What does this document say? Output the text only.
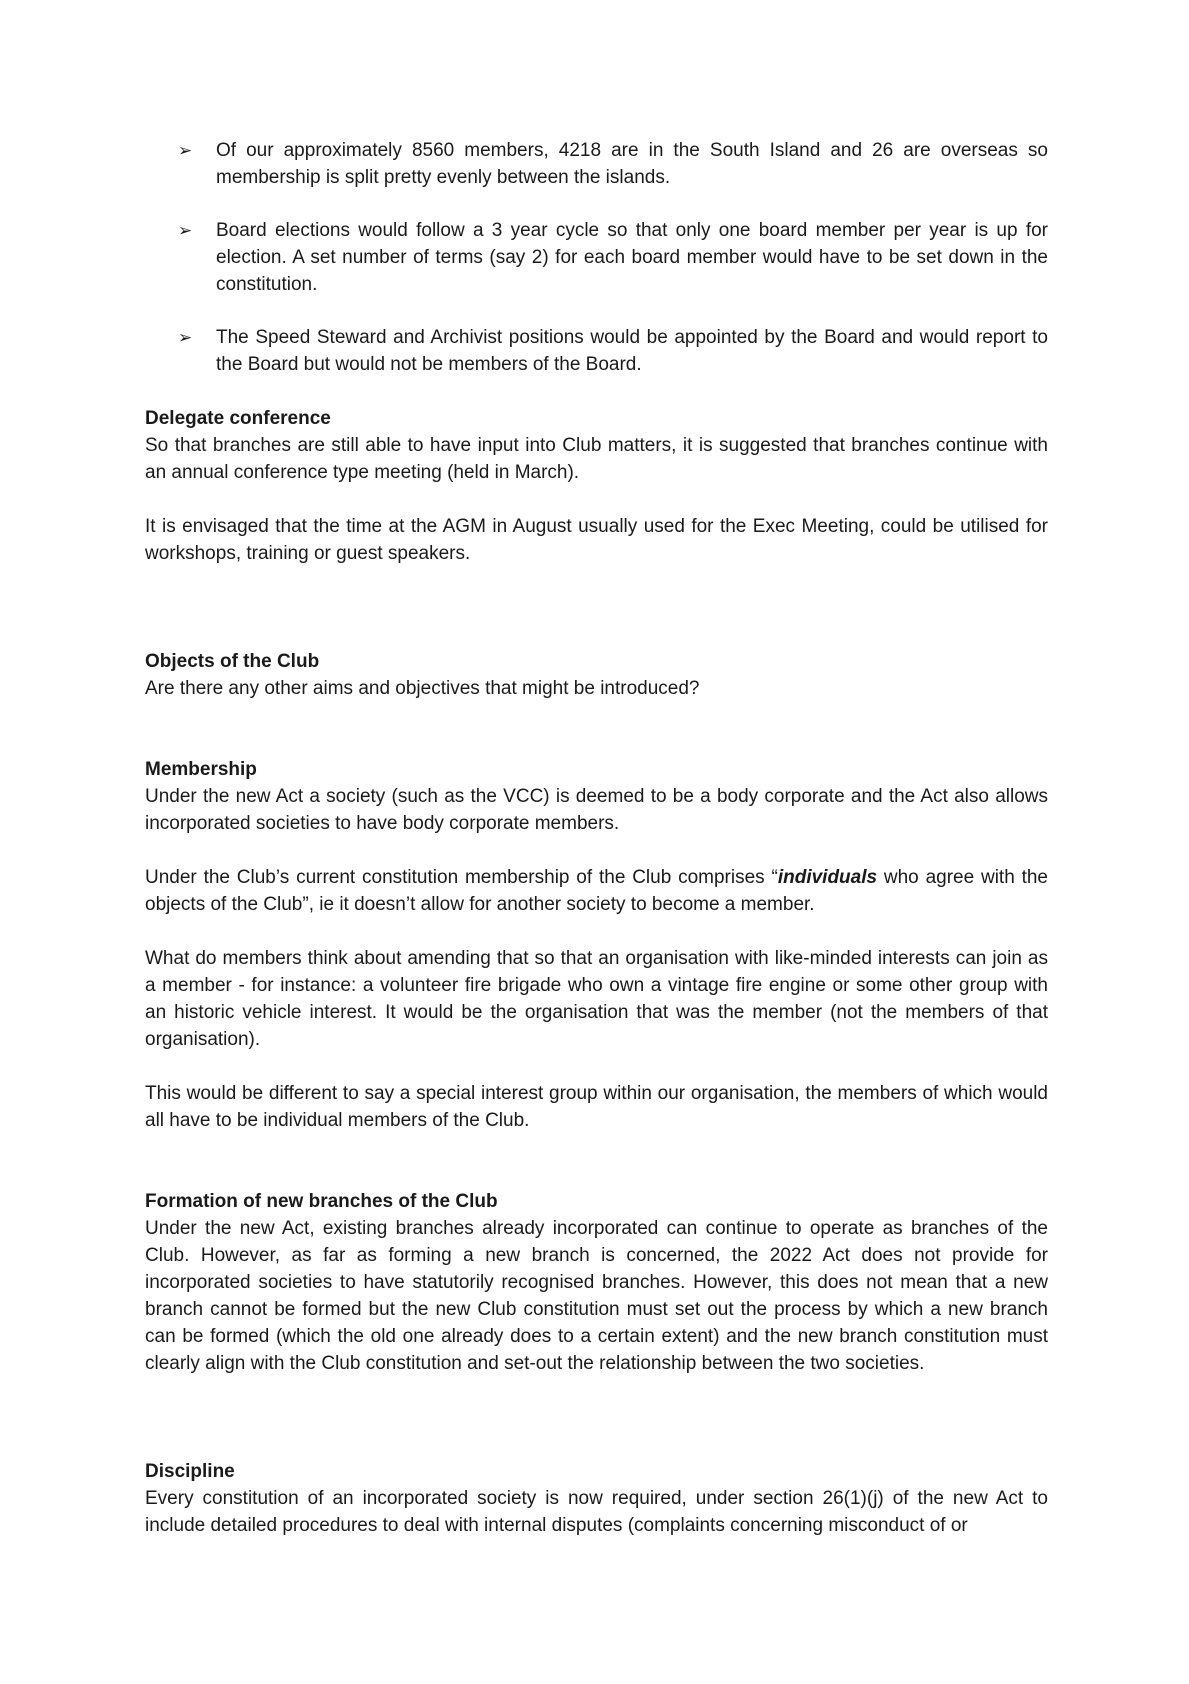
➢	Of our approximately 8560 members, 4218 are in the South Island and 26 are overseas so membership is split pretty evenly between the islands.
➢	Board elections would follow a 3 year cycle so that only one board member per year is up for election. A set number of terms (say 2) for each board member would have to be set down in the constitution.
➢	The Speed Steward and Archivist positions would be appointed by the Board and would report to the Board but would not be members of the Board.
Delegate conference

So that branches are still able to have input into Club matters, it is suggested that branches continue with an annual conference type meeting (held in March).

It is envisaged that the time at the AGM in August usually used for the Exec Meeting, could be utilised for workshops, training or guest speakers.

Objects of the Club

Are there any other aims and objectives that might be introduced?

Membership

Under the new Act a society (such as the VCC) is deemed to be a body corporate and the Act also allows incorporated societies to have body corporate members.

Under the Club’s current constitution membership of the Club comprises “individuals who agree with the objects of the Club”, ie it doesn’t allow for another society to become a member.

What do members think about amending that so that an organisation with like-minded interests can join as a member - for instance: a volunteer fire brigade who own a vintage fire engine or some other group with an historic vehicle interest. It would be the organisation that was the member (not the members of that organisation).

This would be different to say a special interest group within our organisation, the members of which would all have to be individual members of the Club.

Formation of new branches of the Club

Under the new Act, existing branches already incorporated can continue to operate as branches of the Club. However, as far as forming a new branch is concerned, the 2022 Act does not provide for incorporated societies to have statutorily recognised branches. However, this does not mean that a new branch cannot be formed but the new Club constitution must set out the process by which a new branch can be formed (which the old one already does to a certain extent) and the new branch constitution must clearly align with the Club constitution and set-out the relationship between the two societies.

Discipline

Every constitution of an incorporated society is now required, under section 26(1)(j) of the new Act to include detailed procedures to deal with internal disputes (complaints concerning misconduct of or
